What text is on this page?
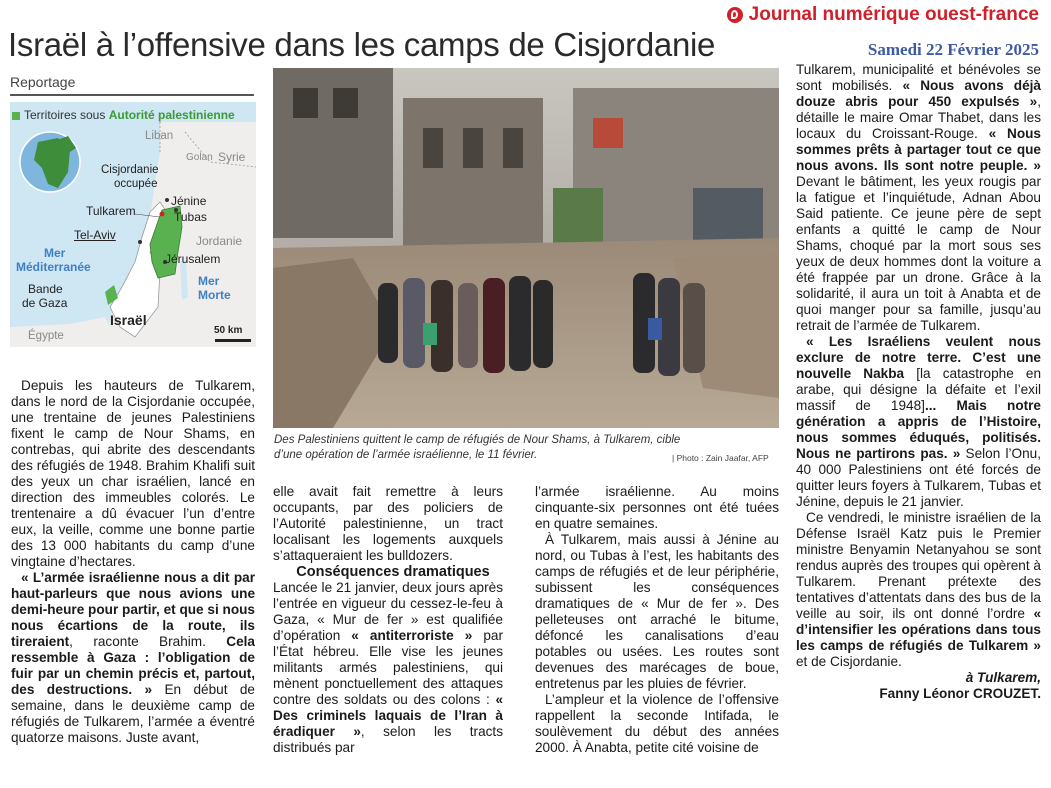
Journal numérique ouest-france
Israël à l’offensive dans les camps de Cisjordanie	Samedi 22 Février 2025
Reportage
Territoires sous Autorité palestinienne
Liban
Golan Syrie
Cisjordanie
occupée
Jénine
Tulkarem	Tubas
Tel-Aviv	Jordanie
Mer
Méditerranée
Jérusalem
Mer
Morte
Bande
de Gaza
Israël
Égypte	50 km
Des Palestiniens quittent le camp de réfugiés de Nour Shams, à Tulkarem, cible d’une opération de l’armée israélienne, le 11 février.	| Photo : Zain Jaafar, AFP

Depuis les hauteurs de Tulkarem, dans le nord de la Cisjordanie occupée, une trentaine de jeunes Palestiniens fixent le camp de Nour Shams, en contrebas, qui abrite des descendants des réfugiés de 1948. Brahim Khalifi suit des yeux un char israélien, lancé en direction des immeubles colorés. Le trentenaire a dû évacuer l’un d’entre eux, la veille, comme une bonne partie des 13 000 habitants du camp d’une vingtaine d’hectares.

« L’armée israélienne nous a dit par haut-parleurs que nous avions une demi-heure pour partir, et que si nous nous écartions de la route, ils tireraient, raconte Brahim. Cela ressemble à Gaza : l’obligation de fuir par un chemin précis et, partout, des destructions. » En début de semaine, dans le deuxième camp de réfugiés de Tulkarem, l’armée a éventré quatorze maisons. Juste avant,

elle avait fait remettre à leurs occupants, par des policiers de l’Autorité palestinienne, un tract localisant les logements auxquels s’attaqueraient les bulldozers.

Conséquences dramatiques

Lancée le 21 janvier, deux jours après l’entrée en vigueur du cessez-le-feu à Gaza, « Mur de fer » est qualifiée d’opération « antiterroriste » par l’État hébreu. Elle vise les jeunes militants armés palestiniens, qui mènent ponctuellement des attaques contre des soldats ou des colons : « Des criminels laquais de l’Iran à éradiquer », selon les tracts distribués par

l’armée israélienne. Au moins cinquante-six personnes ont été tuées en quatre semaines.

À Tulkarem, mais aussi à Jénine au nord, ou Tubas à l’est, les habitants des camps de réfugiés et de leur périphérie, subissent les conséquences dramatiques de « Mur de fer ». Des pelleteuses ont arraché le bitume, défoncé les canalisations d’eau potables ou usées. Les routes sont devenues des marécages de boue, entretenus par les pluies de février.

L’ampleur et la violence de l’offensive rappellent la seconde Intifada, le soulèvement du début des années 2000. À Anabta, petite cité voisine de

Tulkarem, municipalité et bénévoles se sont mobilisés. « Nous avons déjà douze abris pour 450 expulsés », détaille le maire Omar Thabet, dans les locaux du Croissant-Rouge. « Nous sommes prêts à partager tout ce que nous avons. Ils sont notre peuple. » Devant le bâtiment, les yeux rougis par la fatigue et l’inquiétude, Adnan Abou Said patiente. Ce jeune père de sept enfants a quitté le camp de Nour Shams, choqué par la mort sous ses yeux de deux hommes dont la voiture a été frappée par un drone. Grâce à la solidarité, il aura un toit à Anabta et de quoi manger pour sa famille, jusqu’au retrait de l’armée de Tulkarem.

« Les Israéliens veulent nous exclure de notre terre. C’est une nouvelle Nakba [la catastrophe en arabe, qui désigne la défaite et l’exil massif de 1948]... Mais notre génération a appris de l’Histoire, nous sommes éduqués, politisés. Nous ne partirons pas. » Selon l’Onu, 40 000 Palestiniens ont été forcés de quitter leurs foyers à Tulkarem, Tubas et Jénine, depuis le 21 janvier.

Ce vendredi, le ministre israélien de la Défense Israël Katz puis le Premier ministre Benyamin Netanyahou se sont rendus auprès des troupes qui opèrent à Tulkarem. Prenant prétexte des tentatives d’attentats dans des bus de la veille au soir, ils ont donné l’ordre « d’intensifier les opérations dans tous les camps de réfugiés de Tulkarem » et de Cisjordanie.

à Tulkarem,
Fanny Léonor CROUZET.
